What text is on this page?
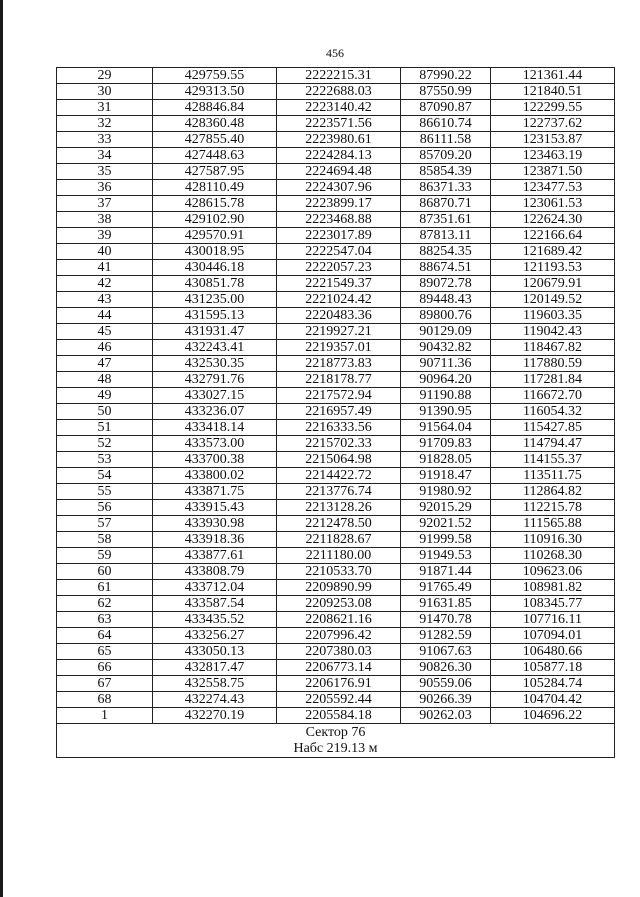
456
29	429759.55	2222215.31	87990.22	121361.44
30	429313.50	2222688.03	87550.99	121840.51
31	428846.84	2223140.42	87090.87	122299.55
32	428360.48	2223571.56	86610.74	122737.62
33	427855.40	2223980.61	86111.58	123153.87
34	427448.63	2224284.13	85709.20	123463.19
35	427587.95	2224694.48	85854.39	123871.50
36	428110.49	2224307.96	86371.33	123477.53
37	428615.78	2223899.17	86870.71	123061.53
38	429102.90	2223468.88	87351.61	122624.30
39	429570.91	2223017.89	87813.11	122166.64
40	430018.95	2222547.04	88254.35	121689.42
41	430446.18	2222057.23	88674.51	121193.53
42	430851.78	2221549.37	89072.78	120679.91
43	431235.00	2221024.42	89448.43	120149.52
44	431595.13	2220483.36	89800.76	119603.35
45	431931.47	2219927.21	90129.09	119042.43
46	432243.41	2219357.01	90432.82	118467.82
47	432530.35	2218773.83	90711.36	117880.59
48	432791.76	2218178.77	90964.20	117281.84
49	433027.15	2217572.94	91190.88	116672.70
50	433236.07	2216957.49	91390.95	116054.32
51	433418.14	2216333.56	91564.04	115427.85
52	433573.00	2215702.33	91709.83	114794.47
53	433700.38	2215064.98	91828.05	114155.37
54	433800.02	2214422.72	91918.47	113511.75
55	433871.75	2213776.74	91980.92	112864.82
56	433915.43	2213128.26	92015.29	112215.78
57	433930.98	2212478.50	92021.52	111565.88
58	433918.36	2211828.67	91999.58	110916.30
59	433877.61	2211180.00	91949.53	110268.30
60	433808.79	2210533.70	91871.44	109623.06
61	433712.04	2209890.99	91765.49	108981.82
62	433587.54	2209253.08	91631.85	108345.77
63	433435.52	2208621.16	91470.78	107716.11
64	433256.27	2207996.42	91282.59	107094.01
65	433050.13	2207380.03	91067.63	106480.66
66	432817.47	2206773.14	90826.30	105877.18
67	432558.75	2206176.91	90559.06	105284.74
68	432274.43	2205592.44	90266.39	104704.42
1	432270.19	2205584.18	90262.03	104696.22

Сектор 76
Набс 219.13 м				
